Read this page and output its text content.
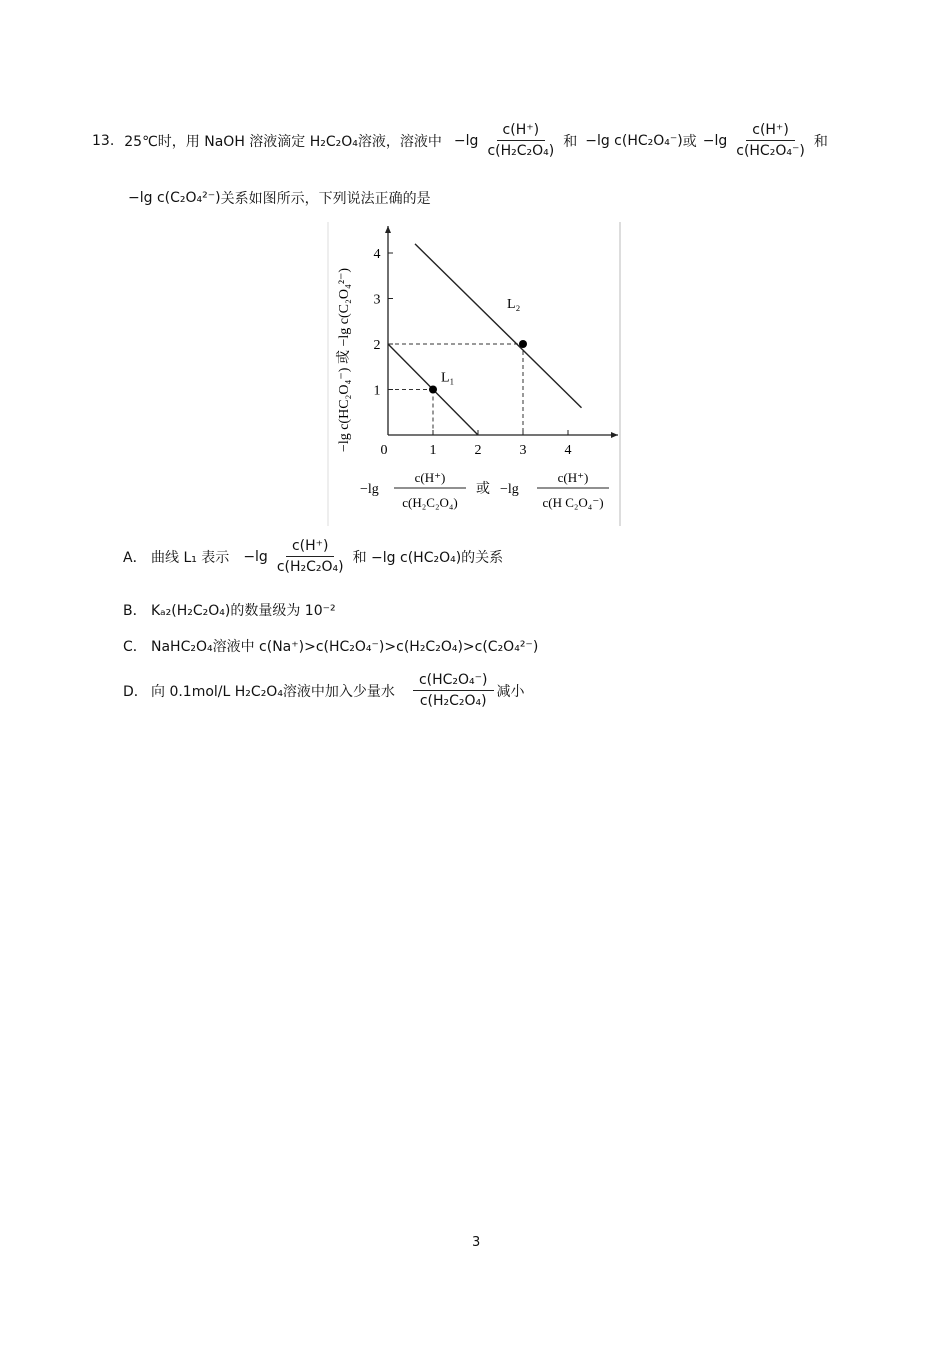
13. 25℃时，用 NaOH 溶液滴定 H₂C₂O₄溶液，溶液中 $-\lg \frac{c(H^+)}{\text{c(H₂C₂O₄)}}$ 和 −lg c(HC₂O₄⁻) 或 $-\lg \frac{c(H^+)}{\text{c(HC₂O₄⁻)}}$ 和
−lg c(C₂O₄²⁻) 关系如图所示，下列说法正确的是
L₁
L₂
0	1	2	3	4
1
2
3
4
−lg c(HC₂O₄⁻) 或 −lg c(C₂O₄²⁻)
−lg
c(H⁺)
c(H₂C₂O₄)
或 −lg
c(H⁺)
c(H C₂O₄⁻)
A． 曲线 L₁ 表示 $-\lg \frac{c(H^+)}{\text{c(H₂C₂O₄)}}$ 和 −lg c(HC₂O₄)的关系
B． Kₐ₂(H₂C₂O₄)的数量级为 10⁻²
C． NaHC₂O₄溶液中 c(Na⁺)>c(HC₂O₄⁻)>c(H₂C₂O₄)>c(C₂O₄²⁻)
D． 向 0.1mol/L H₂C₂O₄溶液中加入少量水 $\frac{\text{c(HC₂O₄⁻)}}{\text{c(H₂C₂O₄)}}$ 减小
3
